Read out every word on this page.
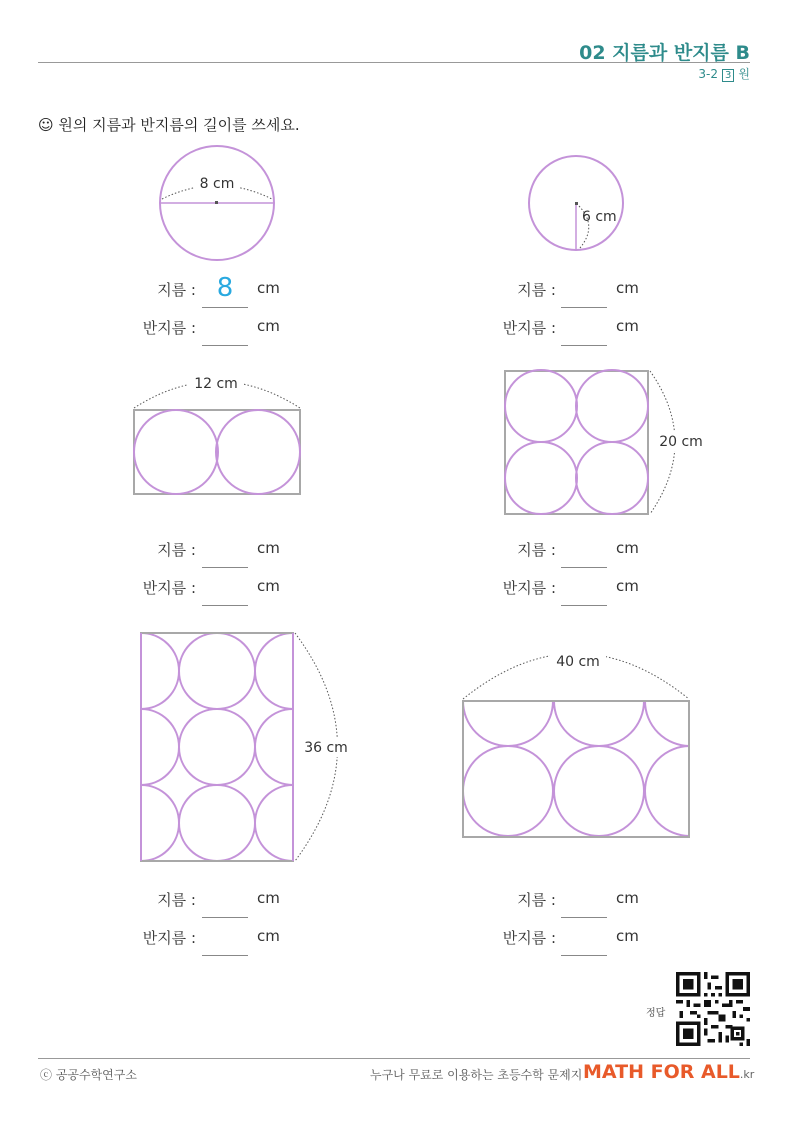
02 지름과 반지름 B
3-2 3 원
☺ 원의 지름과 반지름의 길이를 쓰세요.
8 cm
6 cm
12 cm
20 cm
36 cm
40 cm
지름 : 8	cm
반지름 :	cm
지름 :	cm
반지름 :	cm
지름 :	cm
반지름 :	cm
지름 :	cm
반지름 :	cm
지름 :	cm
반지름 :	cm
지름 :	cm
반지름 :	cm
정답
ⓒ 공공수학연구소	누구나 무료로 이용하는 초등수학 문제지 MATH FOR ALL.kr
